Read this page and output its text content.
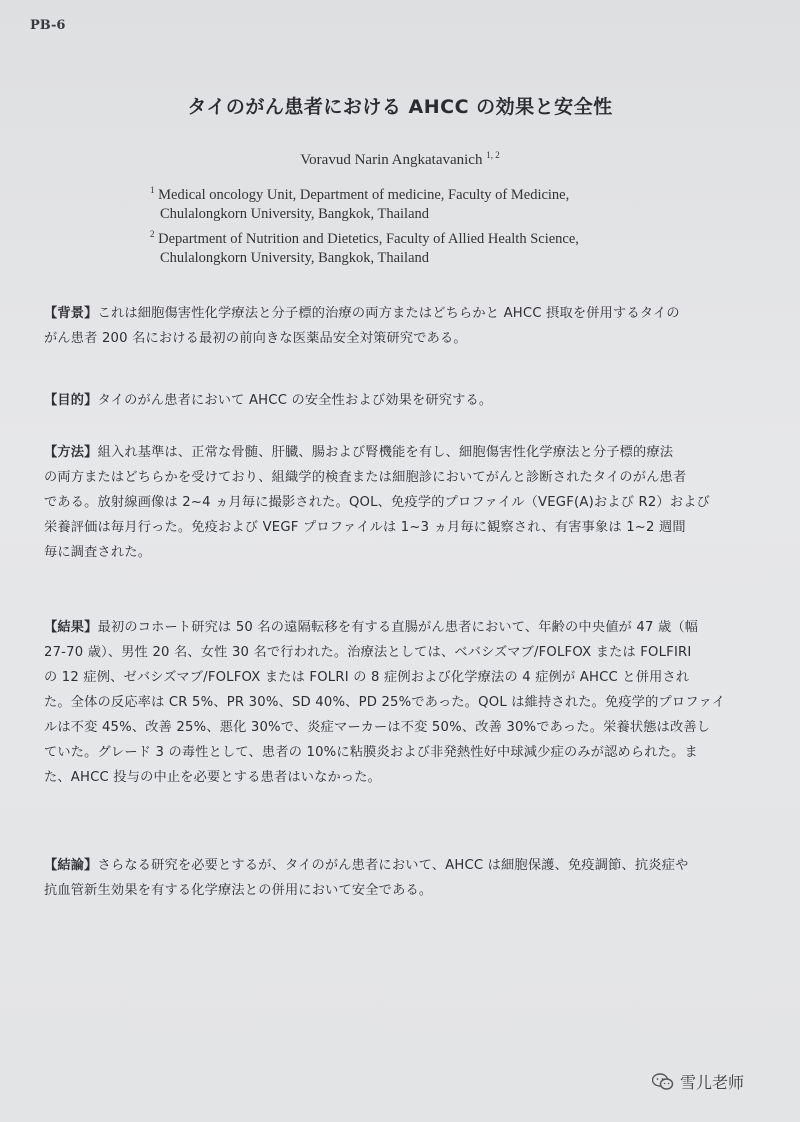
PB-6
タイのがん患者における AHCC の効果と安全性
Voravud Narin Angkatavanich $^{1, 2}$
$^1$ Medical oncology Unit, Department of medicine, Faculty of Medicine,
Chulalongkorn University, Bangkok, Thailand
$^2$ Department of Nutrition and Dietetics, Faculty of Allied Health Science,
Chulalongkorn University, Bangkok, Thailand
【背景】これは細胞傷害性化学療法と分子標的治療の両方またはどちらかと AHCC 摂取を併用するタイの
がん患者 200 名における最初の前向きな医薬品安全対策研究である。
【目的】タイのがん患者において AHCC の安全性および効果を研究する。
【方法】組入れ基準は、正常な骨髄、肝臓、腸および腎機能を有し、細胞傷害性化学療法と分子標的療法
の両方またはどちらかを受けており、組織学的検査または細胞診においてがんと診断されたタイのがん患者
である。放射線画像は 2~4 ヵ月毎に撮影された。QOL、免疫学的プロファイル（VEGF(A)および R2）および
栄養評価は毎月行った。免疫および VEGF プロファイルは 1~3 ヵ月毎に観察され、有害事象は 1~2 週間
毎に調査された。
【結果】最初のコホート研究は 50 名の遠隔転移を有する直腸がん患者において、年齢の中央値が 47 歳（幅
27-70 歳）、男性 20 名、女性 30 名で行われた。治療法としては、ベバシズマブ/FOLFOX または FOLFIRI
の 12 症例、ゼバシズマブ/FOLFOX または FOLRI の 8 症例および化学療法の 4 症例が AHCC と併用され
た。全体の反応率は CR 5%、PR 30%、SD 40%、PD 25%であった。QOL は維持された。免疫学的プロファイ
ルは不変 45%、改善 25%、悪化 30%で、炎症マーカーは不変 50%、改善 30%であった。栄養状態は改善し
ていた。グレード 3 の毒性として、患者の 10%に粘膜炎および非発熱性好中球減少症のみが認められた。ま
た、AHCC 投与の中止を必要とする患者はいなかった。
【結論】さらなる研究を必要とするが、タイのがん患者において、AHCC は細胞保護、免疫調節、抗炎症や
抗血管新生効果を有する化学療法との併用において安全である。
雪儿老师
